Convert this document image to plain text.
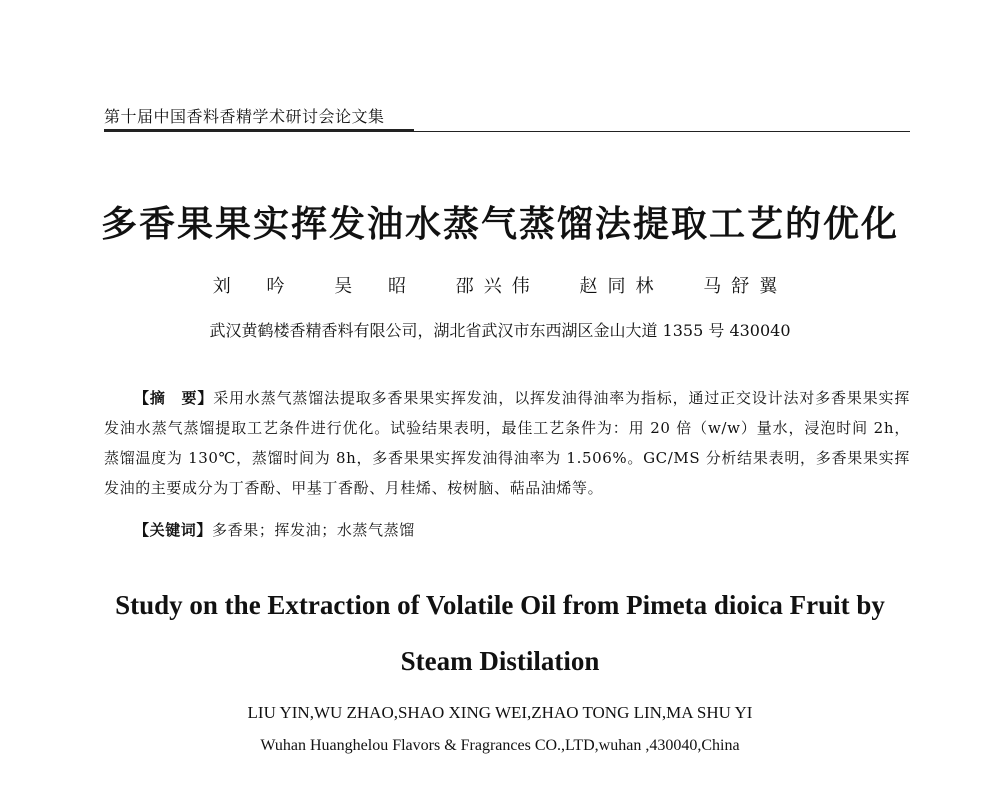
第十届中国香料香精学术研讨会论文集
多香果果实挥发油水蒸气蒸馏法提取工艺的优化
刘 吟 吴 昭 邵兴伟 赵同林 马舒翼
武汉黄鹤楼香精香料有限公司，湖北省武汉市东西湖区金山大道 1355 号 430040
【摘　要】采用水蒸气蒸馏法提取多香果果实挥发油，以挥发油得油率为指标，通过正交设计法对多香果果实挥发油水蒸气蒸馏提取工艺条件进行优化。试验结果表明，最佳工艺条件为：用 20 倍（w/w）量水，浸泡时间 2h，蒸馏温度为 130℃，蒸馏时间为 8h，多香果果实挥发油得油率为 1.506%。GC/MS 分析结果表明，多香果果实挥发油的主要成分为丁香酚、甲基丁香酚、月桂烯、桉树脑、萜品油烯等。
【关键词】多香果；挥发油；水蒸气蒸馏
Study on the Extraction of Volatile Oil from Pimeta dioica Fruit by
Steam Distilation
LIU YIN,WU ZHAO,SHAO XING WEI,ZHAO TONG LIN,MA SHU YI
Wuhan Huanghelou Flavors & Fragrances CO.,LTD,wuhan ,430040,China
